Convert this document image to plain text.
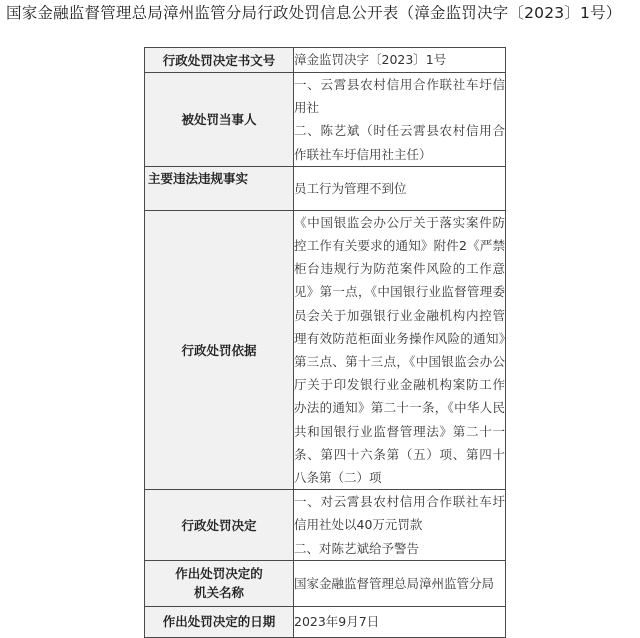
国家金融监督管理总局漳州监管分局行政处罚信息公开表（漳金监罚决字〔2023〕1号）
行政处罚决定书文号	漳金监罚决字〔2023〕1号
被处罚当事人	一、云霄县农村信用合作联社车圩信用社
二、陈艺斌（时任云霄县农村信用合作联社车圩信用社主任）

主要违法违规事实	员工行为管理不到位
行政处罚依据	《中国银监会办公厅关于落实案件防控工作有关要求的通知》附件2《严禁柜台违规行为防范案件风险的工作意见》第一点，《中国银行业监督管理委员会关于加强银行业金融机构内控管理有效防范柜面业务操作风险的通知》第三点、第十三点，《中国银监会办公厅关于印发银行业金融机构案防工作办法的通知》第二十一条，《中华人民共和国银行业监督管理法》第二十一条、第四十六条第（五）项、第四十八条第（二）项
行政处罚决定	一、对云霄县农村信用合作联社车圩信用社处以40万元罚款
二、对陈艺斌给予警告

作出处罚决定的
机关名称	国家金融监督管理总局漳州监管分局
作出处罚决定的日期	2023年9月7日
